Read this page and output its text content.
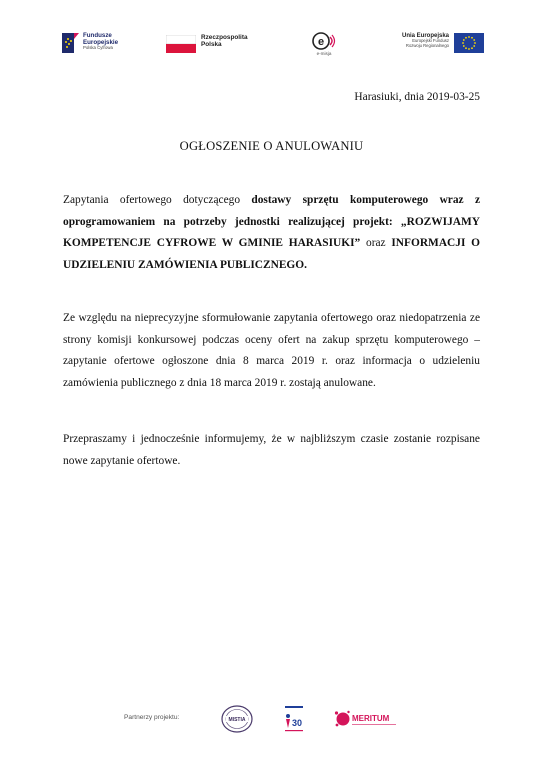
Fundusze
Europejskie
Polska Cyfrowa
Rzeczpospolita
Polska	e
e-misja
Unia Europejska
Europejski Fundusz
Rozwoju Regionalnego
Harasiuki, dnia 2019-03-25
OGŁOSZENIE O ANULOWANIU
Zapytania ofertowego dotyczącego dostawy sprzętu komputerowego wraz z oprogramowaniem na potrzeby jednostki realizującej projekt: „ROZWIJAMY KOMPETENCJE CYFROWE W GMINIE HARASIUKI” oraz INFORMACJI O UDZIELENIU ZAMÓWIENIA PUBLICZNEGO.
Ze względu na nieprecyzyjne sformułowanie zapytania ofertowego oraz niedopatrzenia ze strony komisji konkursowej podczas oceny ofert na zakup sprzętu komputerowego – zapytanie ofertowe ogłoszone dnia 8 marca 2019 r. oraz informacja o udzieleniu zamówienia publicznego z dnia 18 marca 2019 r. zostają anulowane.
Przepraszamy i jednocześnie informujemy, że w najbliższym czasie zostanie rozpisane nowe zapytanie ofertowe.
Partnerzy projektu:	MISTIA	30	MERITUM
